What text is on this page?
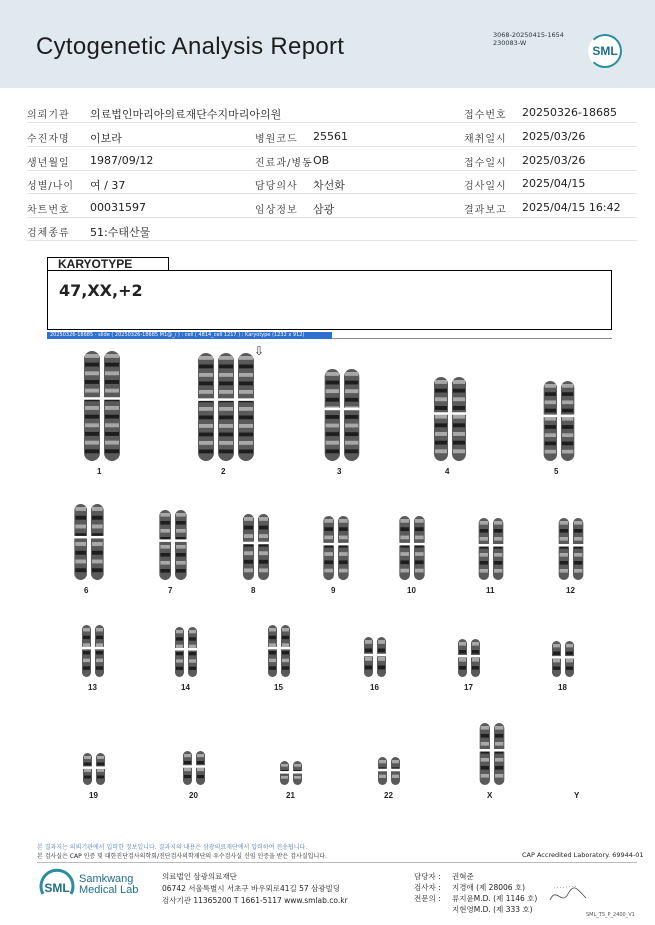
Cytogenetic Analysis Report	3068-20250415-1654
230083-W
SML
의뢰기관 의료법인마리아의료재단수지마리아의원	접수번호 20250326-18685
수진자명 이보라	병원코드 25561	채취일시 2025/03/26
생년월일 1987/09/12	진료과/병동 OB	접수일시 2025/03/26
성별/나이 여 / 37	담당의사 차선화	검사일시 2025/04/15
차트번호 00031597	임상정보 삼광	결과보고 2025/04/15 16:42
검체종류 51:수태산물
KARYOTYPE
47,XX,+2
20250326-18685 - slide ( 20250326-18685 M1@_/ ) : cell ( 4814_cell 1217 ) : Karyotype (1232 x 912)
⇩
1	2	3	4	5
6	7	8	9	10	11	12
13	14	15	16	17	18
19	20	21	22	X	Y
본 결과지는 의뢰기관에서 입력한 정보입니다. 결과지의 내용은 삼광의료재단에서 입력하여 전송됩니다.
본 검사실은 CAP 인증 및 대한진단검사의학회/진단검사의학재단의 우수검사실 신임 인증을 받은 검사실입니다.	CAP Accredited Laboratory. 69944-01
SML
Samkwang
Medical Lab
의료법인 삼광의료재단
06742 서울특별시 서초구 바우뫼로41길 57 삼광빌딩
검사기관 11365200 T 1661-5117 www.smlab.co.kr
담당자 : 권혁준
검사자 : 지경애 (제 28006 호)
전문의 : 류지윤M.D. (제 1146 호)
지현영M.D. (제 333 호)
SML_TS_P_2400_V1
